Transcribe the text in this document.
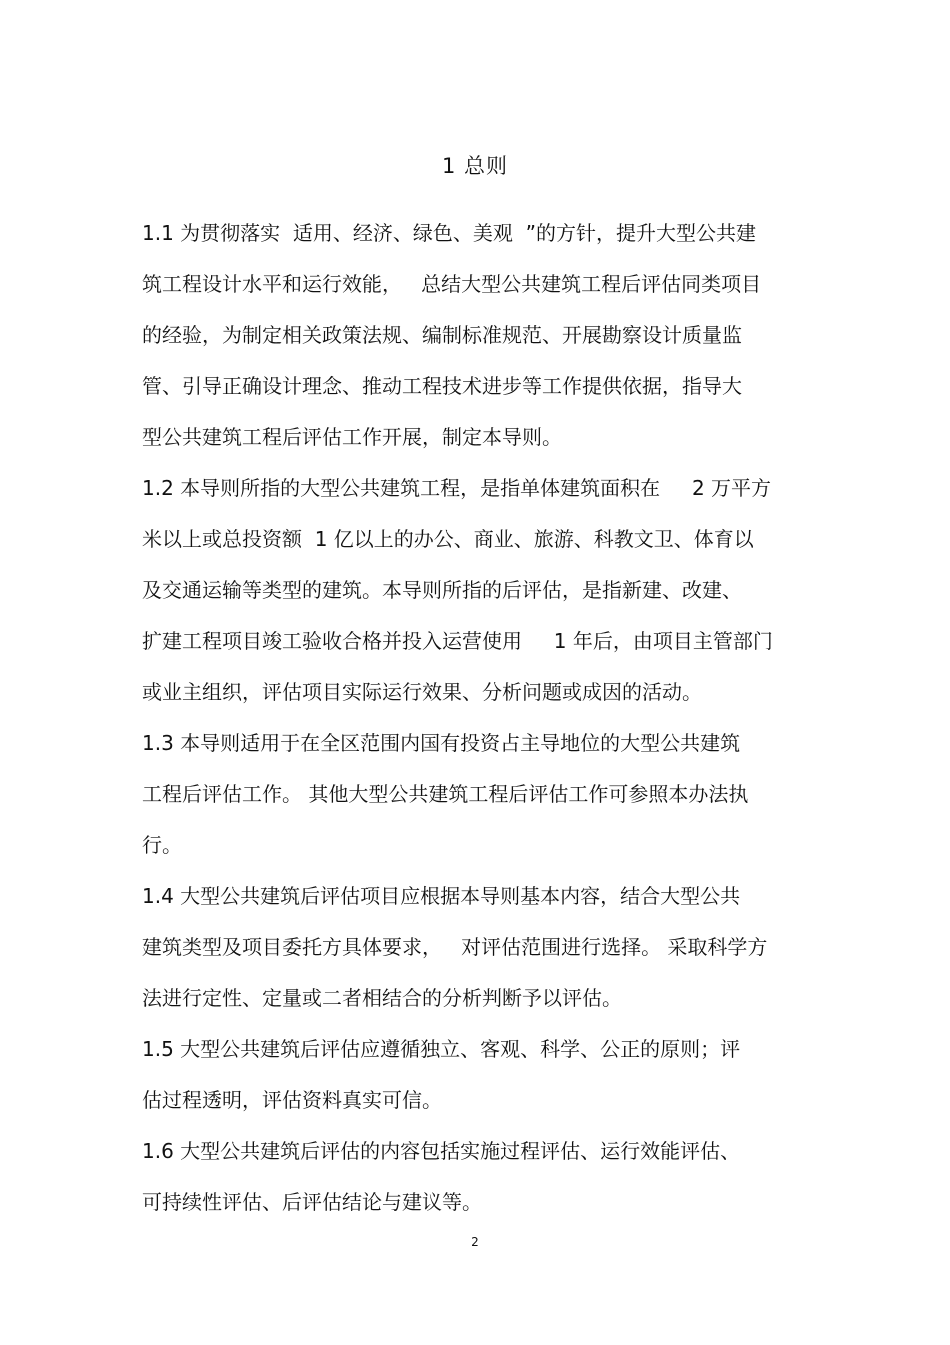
1 总则
1.1 为贯彻落实  适用、经济、绿色、美观  ”的方针，提升大型公共建
筑工程设计水平和运行效能，   总结大型公共建筑工程后评估同类项目
的经验，为制定相关政策法规、编制标准规范、开展勘察设计质量监
管、引导正确设计理念、推动工程技术进步等工作提供依据，指导大
型公共建筑工程后评估工作开展，制定本导则。
1.2 本导则所指的大型公共建筑工程，是指单体建筑面积在     2 万平方
米以上或总投资额  1 亿以上的办公、商业、旅游、科教文卫、体育以
及交通运输等类型的建筑。本导则所指的后评估，是指新建、改建、
扩建工程项目竣工验收合格并投入运营使用     1 年后，由项目主管部门
或业主组织，评估项目实际运行效果、分析问题或成因的活动。
1.3 本导则适用于在全区范围内国有投资占主导地位的大型公共建筑
工程后评估工作。 其他大型公共建筑工程后评估工作可参照本办法执
行。
1.4 大型公共建筑后评估项目应根据本导则基本内容，结合大型公共
建筑类型及项目委托方具体要求，   对评估范围进行选择。 采取科学方
法进行定性、定量或二者相结合的分析判断予以评估。
1.5 大型公共建筑后评估应遵循独立、客观、科学、公正的原则；评
估过程透明，评估资料真实可信。
1.6 大型公共建筑后评估的内容包括实施过程评估、运行效能评估、
可持续性评估、后评估结论与建议等。
2
